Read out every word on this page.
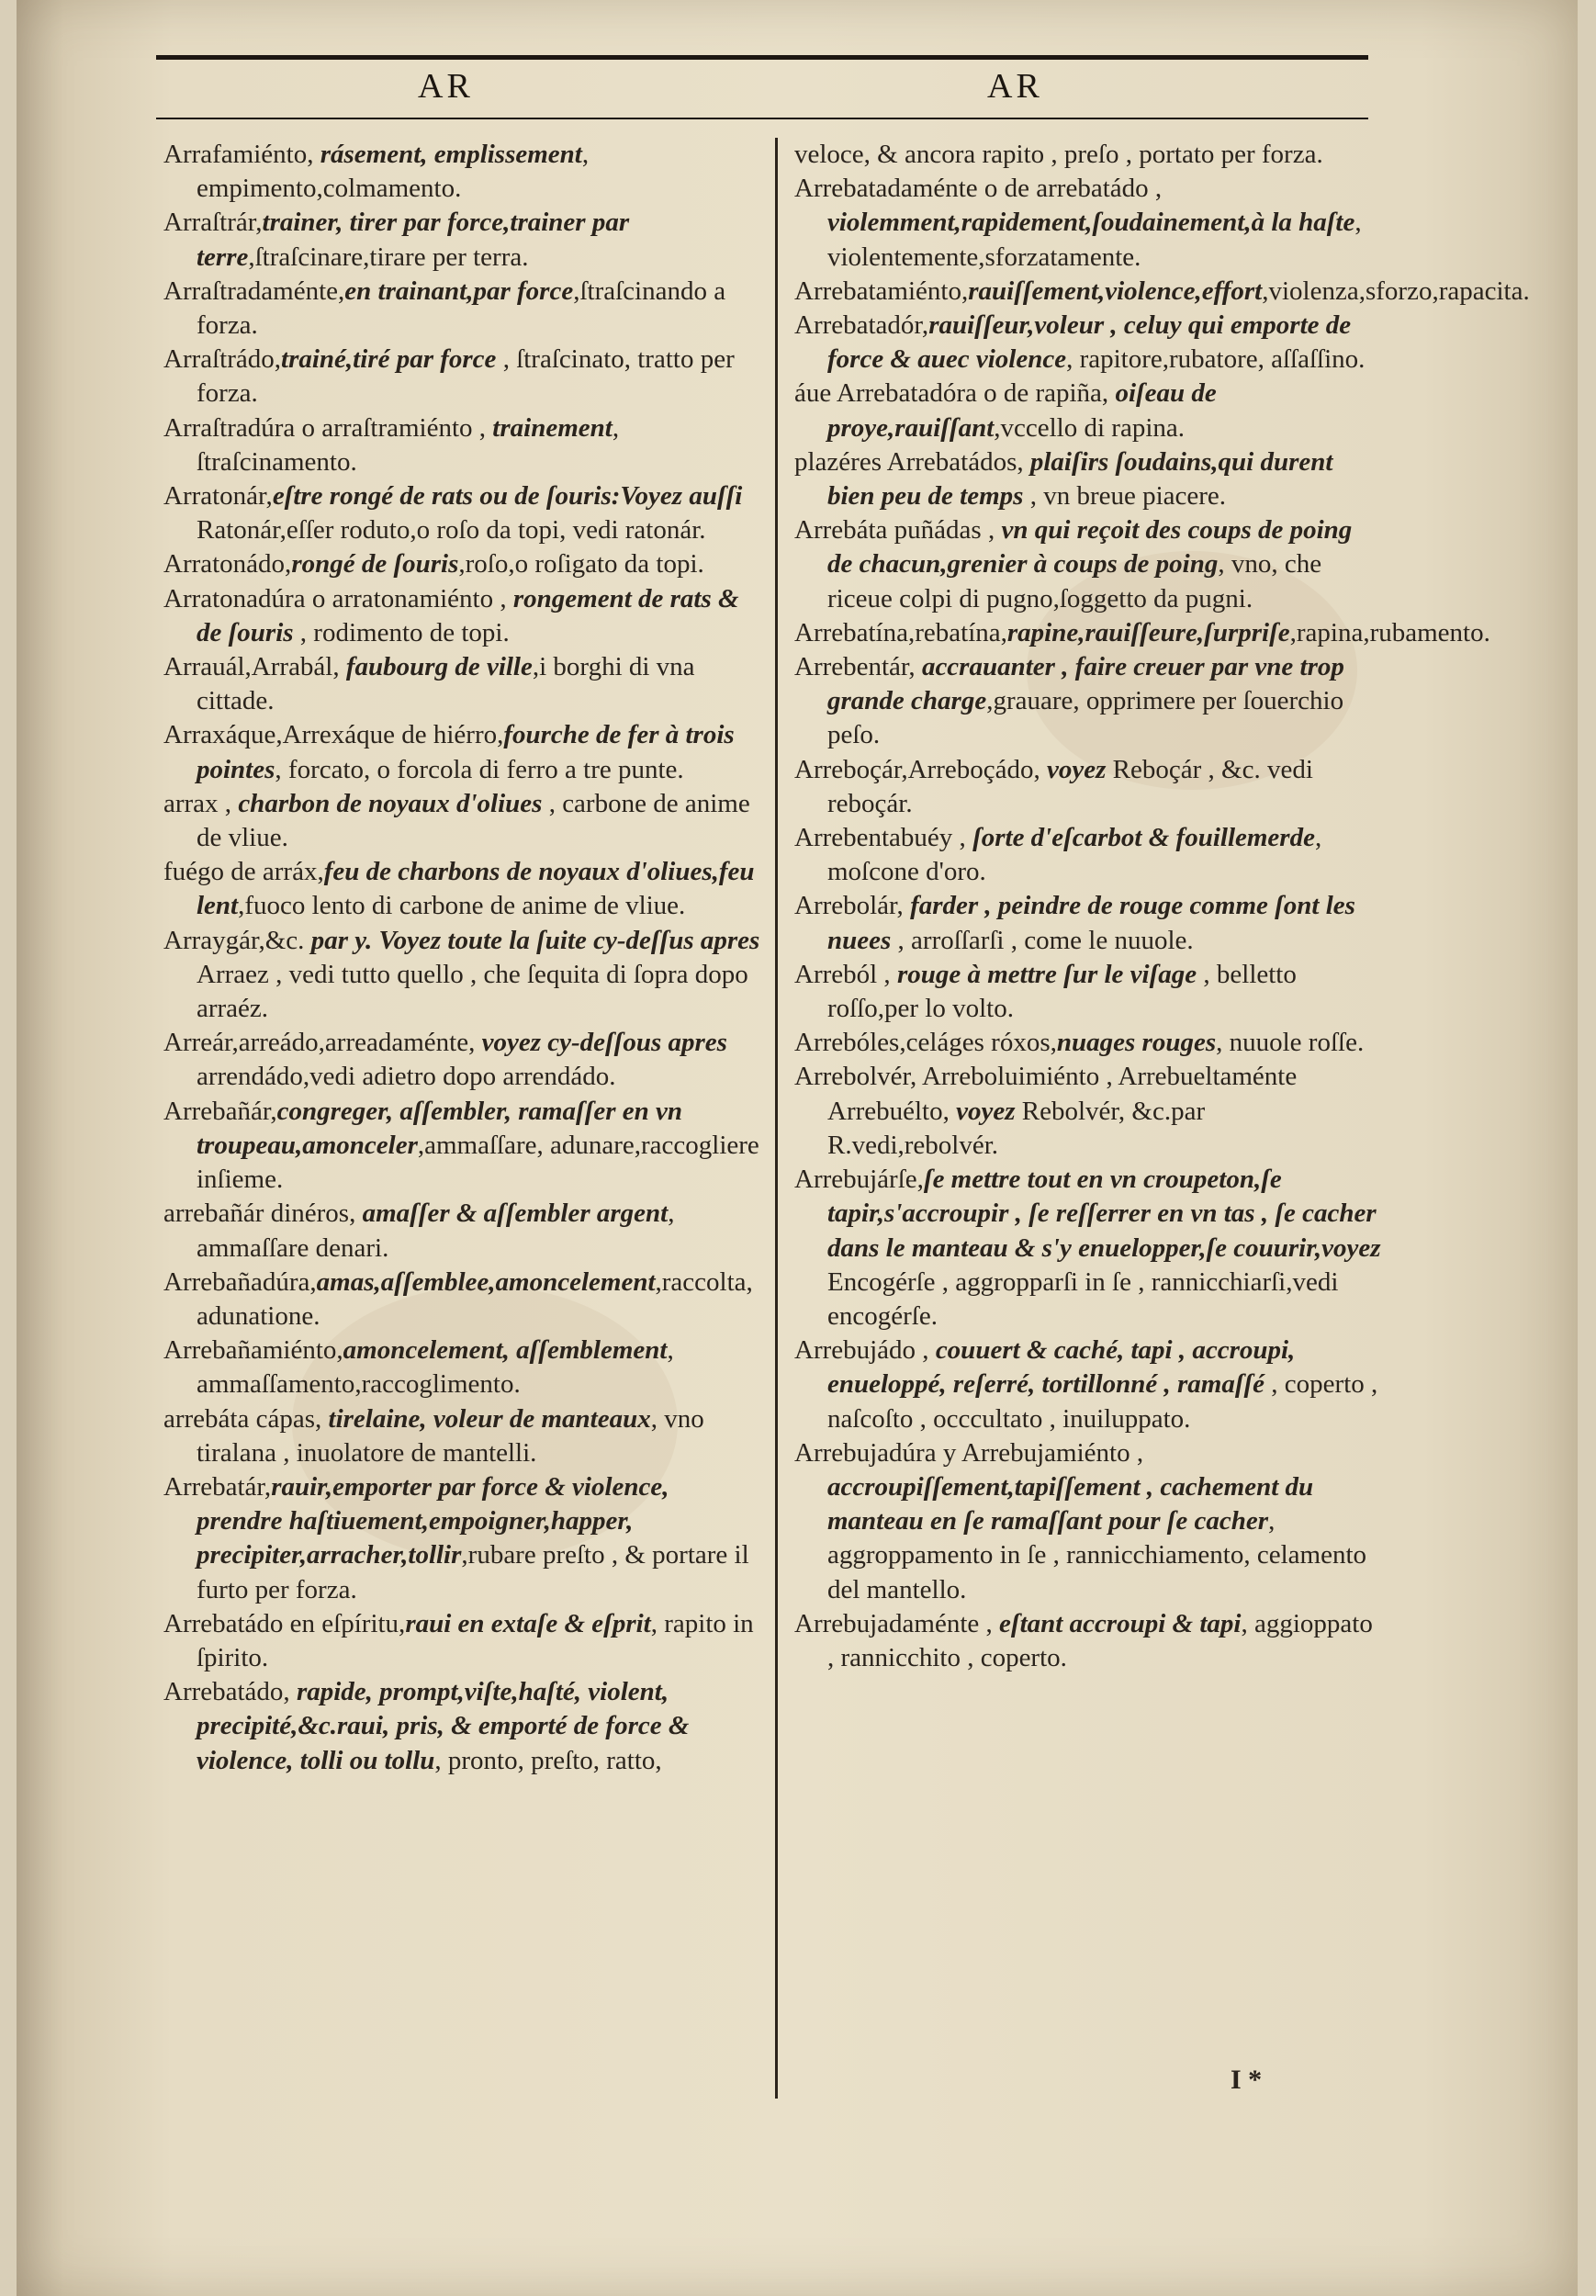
AR	AR

Arrafamiénto, rásement, emplissement, empimento,colmamento.

Arraſtrár,trainer, tirer par force,trainer par terre,ſtraſcinare,tirare per terra.

Arraſtradaménte,en trainant,par force,ſtraſcinando a forza.

Arraſtrádo,trainé,tiré par force , ſtraſcinato, tratto per forza.

Arraſtradúra o arraſtramiénto , trainement, ſtraſcinamento.

Arratonár,eſtre rongé de rats ou de ſouris:Voyez auſſi Ratonár,eſſer roduto,o roſo da topi, vedi ratonár.

Arratonádo,rongé de ſouris,roſo,o roſigato da topi.

Arratonadúra o arratonamiénto , rongement de rats & de ſouris , rodimento de topi.

Arrauál,Arrabál, faubourg de ville,i borghi di vna cittade.

Arraxáque,Arrexáque de hiérro,fourche de fer à trois pointes, forcato, o forcola di ferro a tre punte.

arrax , charbon de noyaux d'oliues , carbone de anime de vliue.

fuégo de arráx,feu de charbons de noyaux d'oliues,feu lent,fuoco lento di carbone de anime de vliue.

Arraygár,&c. par y. Voyez toute la ſuite cy-deſſus apres Arraez , vedi tutto quello , che ſequita di ſopra dopo arraéz.

Arreár,arreádo,arreadaménte, voyez cy-deſſous apres arrendádo,vedi adietro dopo arrendádo.

Arrebañár,congreger, aſſembler, ramaſſer en vn troupeau,amonceler,ammaſſare, adunare,raccogliere inſieme.

arrebañár dinéros, amaſſer & aſſembler argent, ammaſſare denari.

Arrebañadúra,amas,aſſemblee,amoncelement,raccolta, adunatione.

Arrebañamiénto,amoncelement, aſſemblement, ammaſſamento,raccoglimento.

arrebáta cápas, tirelaine, voleur de manteaux, vno tiralana , inuolatore de mantelli.

Arrebatár,rauir,emporter par force & violence, prendre haſtiuement,empoigner,happer, precipiter,arracher,tollir,rubare preſto , & portare il furto per forza.

Arrebatádo en eſpíritu,raui en extaſe & eſprit, rapito in ſpirito.

Arrebatádo, rapide, prompt,viſte,haſté, violent, precipité,&c.raui, pris, & emporté de force & violence, tolli ou tollu, pronto, preſto, ratto,

veloce, & ancora rapito , preſo , portato per forza.

Arrebatadaménte o de arrebatádo , violemment,rapidement,ſoudainement,à la haſte, violentemente,sforzatamente.

Arrebatamiénto,rauiſſement,violence,effort,violenza,sforzo,rapacita.

Arrebatadór,rauiſſeur,voleur , celuy qui emporte de force & auec violence, rapitore,rubatore, aſſaſſino.

áue Arrebatadóra o de rapiña, oiſeau de proye,rauiſſant,vccello di rapina.

plazéres Arrebatádos, plaiſirs ſoudains,qui durent bien peu de temps , vn breue piacere.

Arrebáta puñádas , vn qui reçoit des coups de poing de chacun,grenier à coups de poing, vno, che riceue colpi di pugno,ſoggetto da pugni.

Arrebatína,rebatína,rapine,rauiſſeure,ſurpriſe,rapina,rubamento.

Arrebentár, accrauanter , faire creuer par vne trop grande charge,grauare, opprimere per ſouerchio peſo.

Arreboçár,Arreboçádo, voyez Reboçár , &c. vedi reboçár.

Arrebentabuéy , ſorte d'eſcarbot & fouillemerde, moſcone d'oro.

Arrebolár, farder , peindre de rouge comme ſont les nuees , arroſſarſi , come le nuuole.

Arreból , rouge à mettre ſur le viſage , belletto roſſo,per lo volto.

Arrebóles,celáges róxos,nuages rouges, nuuole roſſe.

Arrebolvér, Arreboluimiénto , Arrebueltaménte Arrebuélto, voyez Rebolvér, &c.par R.vedi,rebolvér.

Arrebujárſe,ſe mettre tout en vn croupeton,ſe tapir,s'accroupir , ſe reſſerrer en vn tas , ſe cacher dans le manteau & s'y enuelopper,ſe couurir,voyez Encogérſe , aggropparſi in ſe , rannicchiarſi,vedi encogérſe.

Arrebujádo , couuert & caché, tapi , accroupi, enueloppé, reſerré, tortillonné , ramaſſé , coperto , naſcoſto , occcultato , inuiluppato.

Arrebujadúra y Arrebujamiénto , accroupiſſement,tapiſſement , cachement du manteau en ſe ramaſſant pour ſe cacher, aggroppamento in ſe , rannicchiamento, celamento del mantello.

Arrebujadaménte , eſtant accroupi & tapi, aggioppato , rannicchito , coperto.

I *
